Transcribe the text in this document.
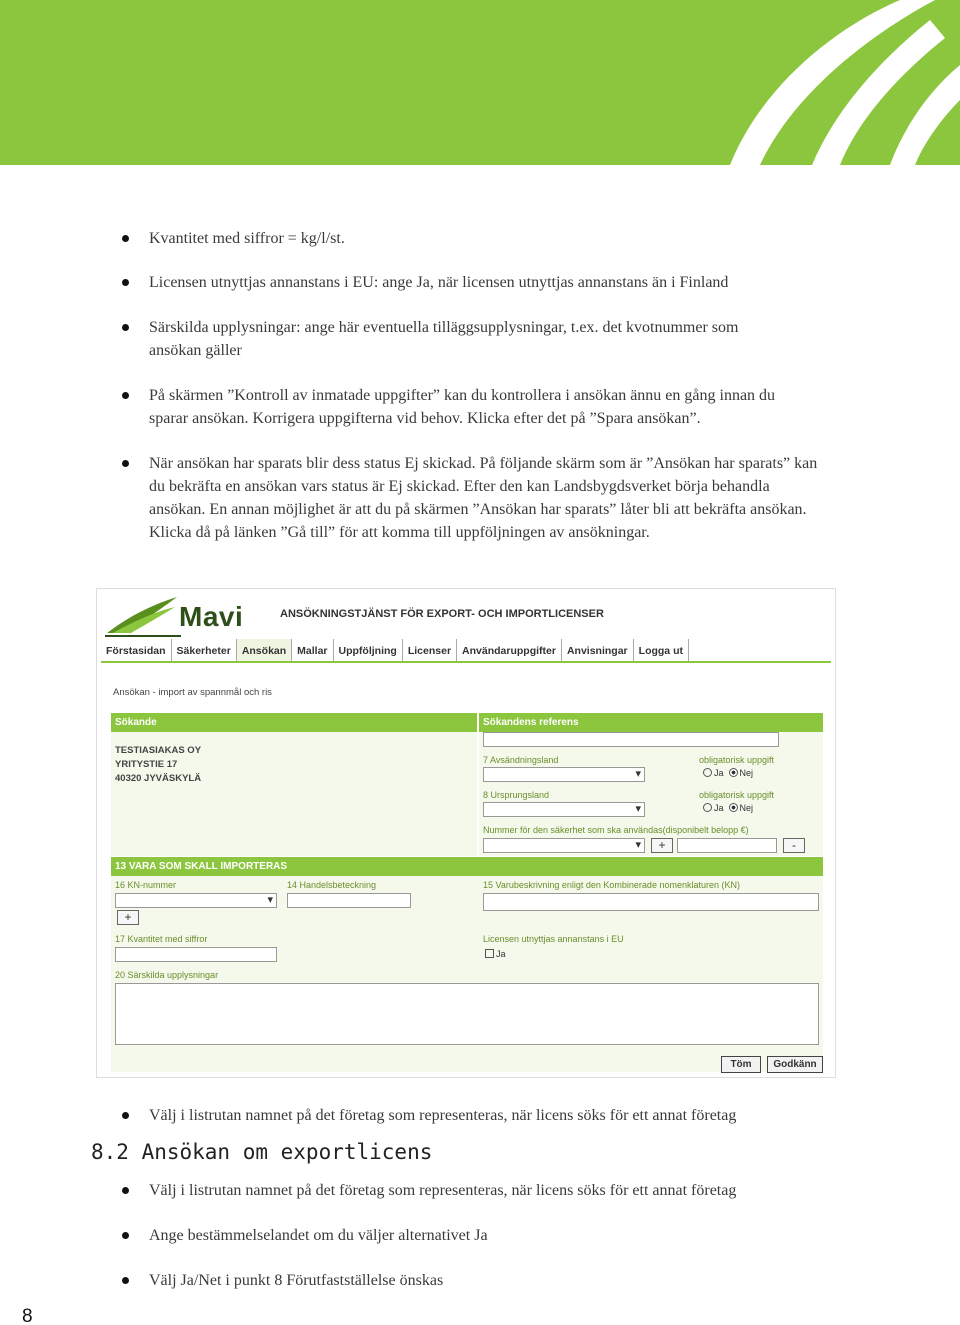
Kvantitet med siffror = kg/l/st.
Licensen utnyttjas annanstans i EU: ange Ja, när licensen utnyttjas annanstans än i Finland
Särskilda upplysningar: ange här eventuella tilläggsupplysningar, t.ex. det kvotnummer som ansökan gäller
På skärmen ”Kontroll av inmatade uppgifter” kan du kontrollera i ansökan ännu en gång innan du sparar ansökan. Korrigera uppgifterna vid behov. Klicka efter det på ”Spara ansökan”.
När ansökan har sparats blir dess status Ej skickad. På följande skärm som är ”Ansökan har sparats” kan du bekräfta en ansökan vars status är Ej skickad. Efter den kan Landsbygdsverket börja behandla ansökan. En annan möjlighet är att du på skärmen ”Ansökan har sparats” låter bli att bekräfta ansökan. Klicka då på länken ”Gå till” för att komma till uppföljningen av ansökningar.
Mavi	ANSÖKNINGSTJÄNST FÖR EXPORT- OCH IMPORTLICENSER
Förstasidan	Säkerheter	Ansökan	Mallar	Uppföljning	Licenser	Användaruppgifter	Anvisningar	Logga ut
Ansökan - import av spannmål och ris
Sökande
TESTIASIAKAS OY
YRITYSTIE 17
40320 JYVÄSKYLÄ
Sökandens referens
7 Avsändningsland
▾	obligatorisk uppgift
Ja Nej
8 Ursprungsland
▾	obligatorisk uppgift
Ja Nej
Nummer för den säkerhet som ska användas(disponibelt belopp €)
▾
+	-
13 VARA SOM SKALL IMPORTERAS
16 KN-nummer
▾
+
14 Handelsbeteckning	15 Varubeskrivning enligt den Kombinerade nomenklaturen (KN)
17 Kvantitet med siffror	Licensen utnyttjas annanstans i EU
Ja
20 Särskilda upplysningar
Töm	Godkänn
Välj i listrutan namnet på det företag som representeras, när licens söks för ett annat företag
8.2 Ansökan om exportlicens
Välj i listrutan namnet på det företag som representeras, när licens söks för ett annat företag
Ange bestämmelselandet om du väljer alternativet Ja
Välj Ja/Net i punkt 8 Förutfastställelse önskas
8
